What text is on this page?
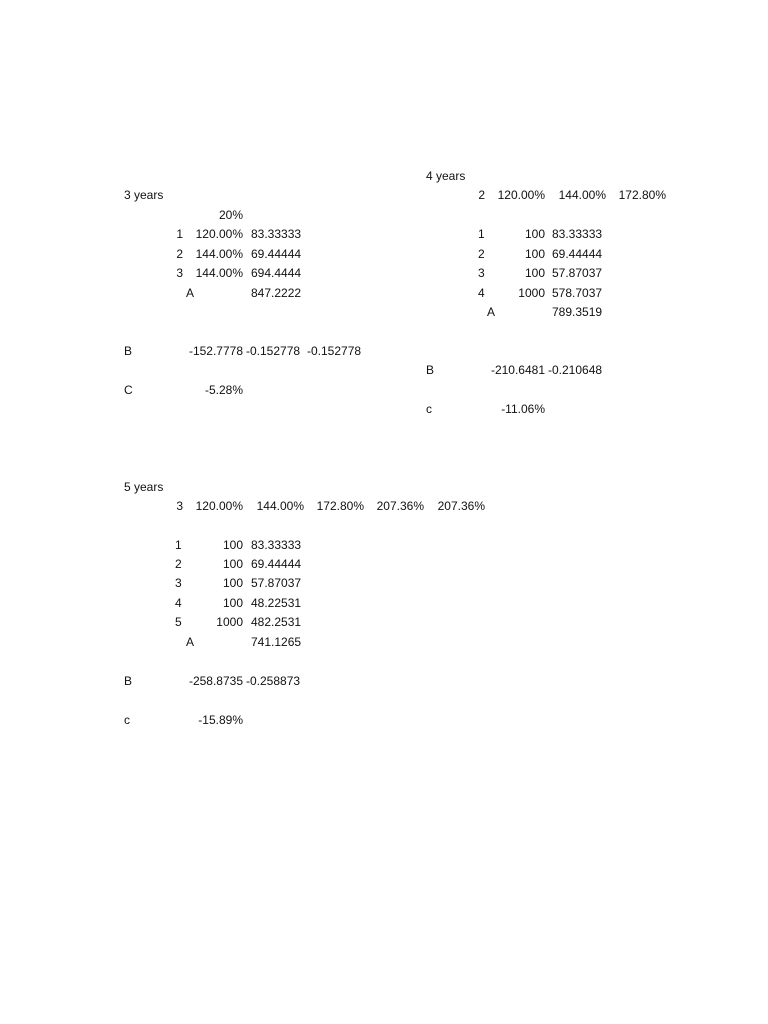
3 years
20%
1 120.00% 83.33333
2 144.00% 69.44444
3 144.00% 694.4444
A	847.2222
B	-152.7778 -0.152778 -0.152778
C	-5.28%
4 years
2 120.00% 144.00% 172.80%
1	100 83.33333
2	100 69.44444
3	100 57.87037
4	1000 578.7037
A	789.3519
B	-210.6481 -0.210648
c	-11.06%
5 years
3 120.00% 144.00% 172.80% 207.36% 207.36%
1	100 83.33333
2	100 69.44444
3	100 57.87037
4	100 48.22531
5	1000 482.2531
A	741.1265
B	-258.8735 -0.258873
c	-15.89%
